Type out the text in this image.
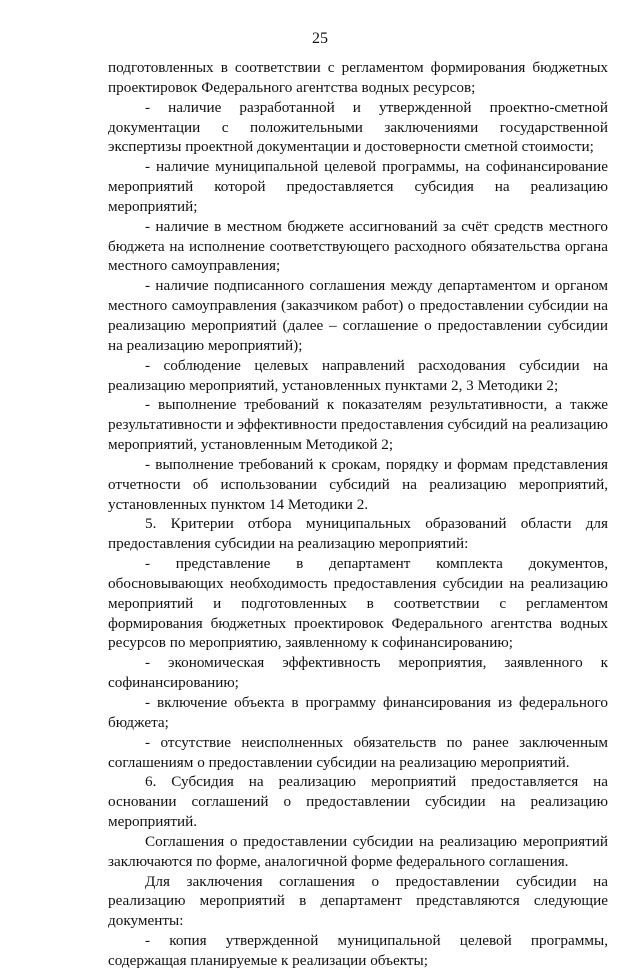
25

подготовленных в соответствии с регламентом формирования бюджетных проектировок Федерального агентства водных ресурсов;

- наличие разработанной и утвержденной проектно-сметной документации с положительными заключениями государственной экспертизы проектной документации и достоверности сметной стоимости;

- наличие муниципальной целевой программы, на софинансирование мероприятий которой предоставляется субсидия на реализацию мероприятий;

- наличие в местном бюджете ассигнований за счёт средств местного бюджета на исполнение соответствующего расходного обязательства органа местного самоуправления;

- наличие подписанного соглашения между департаментом и органом местного самоуправления (заказчиком работ) о предоставлении субсидии на реализацию мероприятий (далее – соглашение о предоставлении субсидии на реализацию мероприятий);

- соблюдение целевых направлений расходования субсидии на реализацию мероприятий, установленных пунктами 2, 3 Методики 2;

- выполнение требований к показателям результативности, а также результативности и эффективности предоставления субсидий на реализацию мероприятий, установленным Методикой 2;

- выполнение требований к срокам, порядку и формам представления отчетности об использовании субсидий на реализацию мероприятий, установленных пунктом 14 Методики 2.

5. Критерии отбора муниципальных образований области для предоставления субсидии на реализацию мероприятий:

- представление в департамент комплекта документов, обосновывающих необходимость предоставления субсидии на реализацию мероприятий и подготовленных в соответствии с регламентом формирования бюджетных проектировок Федерального агентства водных ресурсов по мероприятию, заявленному к софинансированию;

- экономическая эффективность мероприятия, заявленного к софинансированию;

- включение объекта в программу финансирования из федерального бюджета;

- отсутствие неисполненных обязательств по ранее заключенным соглашениям о предоставлении субсидии на реализацию мероприятий.

6. Субсидия на реализацию мероприятий предоставляется на основании соглашений о предоставлении субсидии на реализацию мероприятий.

Соглашения о предоставлении субсидии на реализацию мероприятий заключаются по форме, аналогичной форме федерального соглашения.

Для заключения соглашения о предоставлении субсидии на реализацию мероприятий в департамент представляются следующие документы:

- копия утвержденной муниципальной целевой программы, содержащая планируемые к реализации объекты;
